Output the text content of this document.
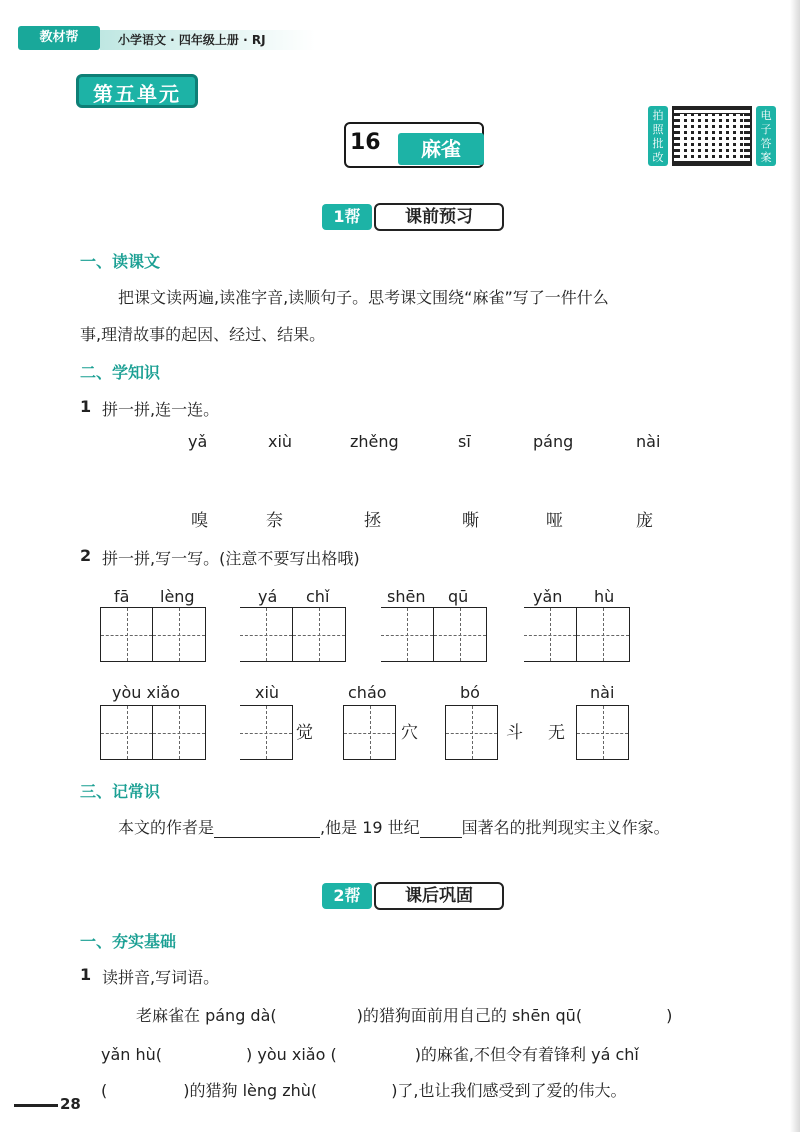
教材帮	小学语文 · 四年级上册 · RJ
第五单元
16	麻雀
拍照批改
电子答案
1帮	课前预习
一、读课文
把课文读两遍,读准字音,读顺句子。思考课文围绕“麻雀”写了一件什么
事,理清故事的起因、经过、结果。
二、学知识
1 拼一拼,连一连。
yǎ	xiù	zhěng	sī	páng	nài
嗅	奈	拯	嘶	哑	庞
2 拼一拼,写一写。(注意不要写出格哦)
fā lèng	yá chǐ	shēn qū	yǎn hù
yòu xiǎo	xiù	cháo	bó	nài
觉	穴	斗 无
三、记常识
本文的作者是	,他是 19 世纪	国著名的批判现实主义作家。
2帮	课后巩固
一、夯实基础
1 读拼音,写词语。
老麻雀在 páng dà(	)的猎狗面前用自己的 shēn qū(	)
yǎn hù(	) yòu xiǎo (	)的麻雀,不但令有着锋利 yá chǐ
(	)的猎狗 lèng zhù(	)了,也让我们感受到了爱的伟大。
28
